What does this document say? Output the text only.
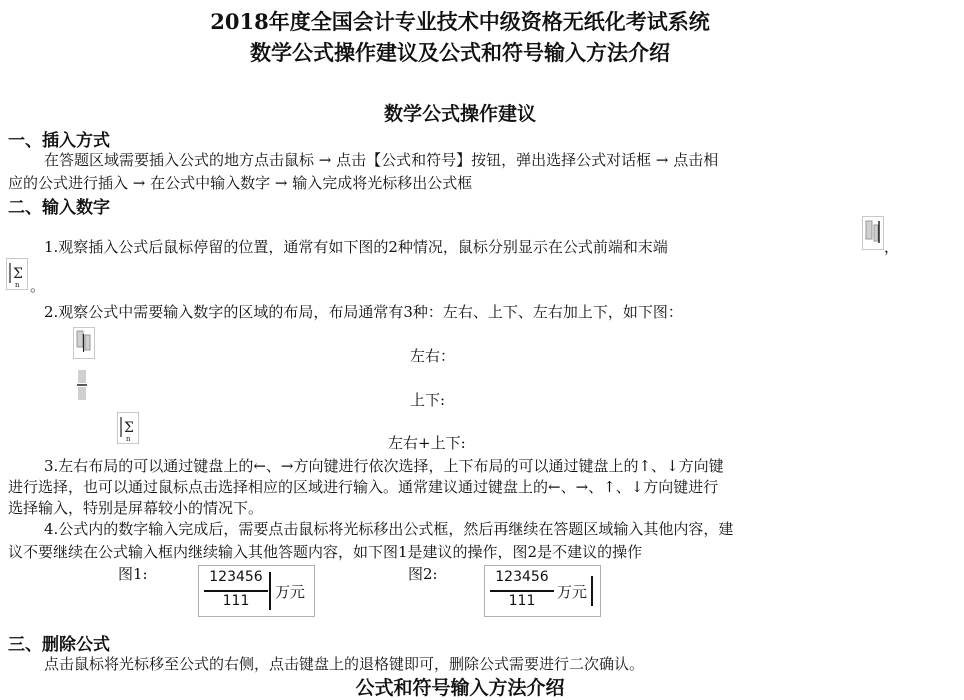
2018年度全国会计专业技术中级资格无纸化考试系统
数学公式操作建议及公式和符号输入方法介绍
数学公式操作建议
一、插入方式
在答题区域需要插入公式的地方点击鼠标 → 点击【公式和符号】按钮，弹出选择公式对话框 → 点击相
应的公式进行插入 → 在公式中输入数字 → 输入完成将光标移出公式框
二、输入数字
1.观察插入公式后鼠标停留的位置，通常有如下图的2种情况，鼠标分别显示在公式前端和末端	，
Σ
n 。
2.观察公式中需要输入数字的区域的布局，布局通常有3种：左右、上下、左右加上下，如下图：
左右：
上下:
Σ
n	左右+上下:
3.左右布局的可以通过键盘上的←、→方向键进行依次选择，上下布局的可以通过键盘上的↑、↓方向键
进行选择，也可以通过鼠标点击选择相应的区域进行输入。通常建议通过键盘上的←、→、↑、↓方向键进行
选择输入，特别是屏幕较小的情况下。
4.公式内的数字输入完成后，需要点击鼠标将光标移出公式框，然后再继续在答题区域输入其他内容，建
议不要继续在公式输入框内继续输入其他答题内容，如下图1是建议的操作，图2是不建议的操作
图1:	123456
111	万元
图2:	123456
111	万元
三、删除公式
点击鼠标将光标移至公式的右侧，点击键盘上的退格键即可，删除公式需要进行二次确认。
公式和符号输入方法介绍
